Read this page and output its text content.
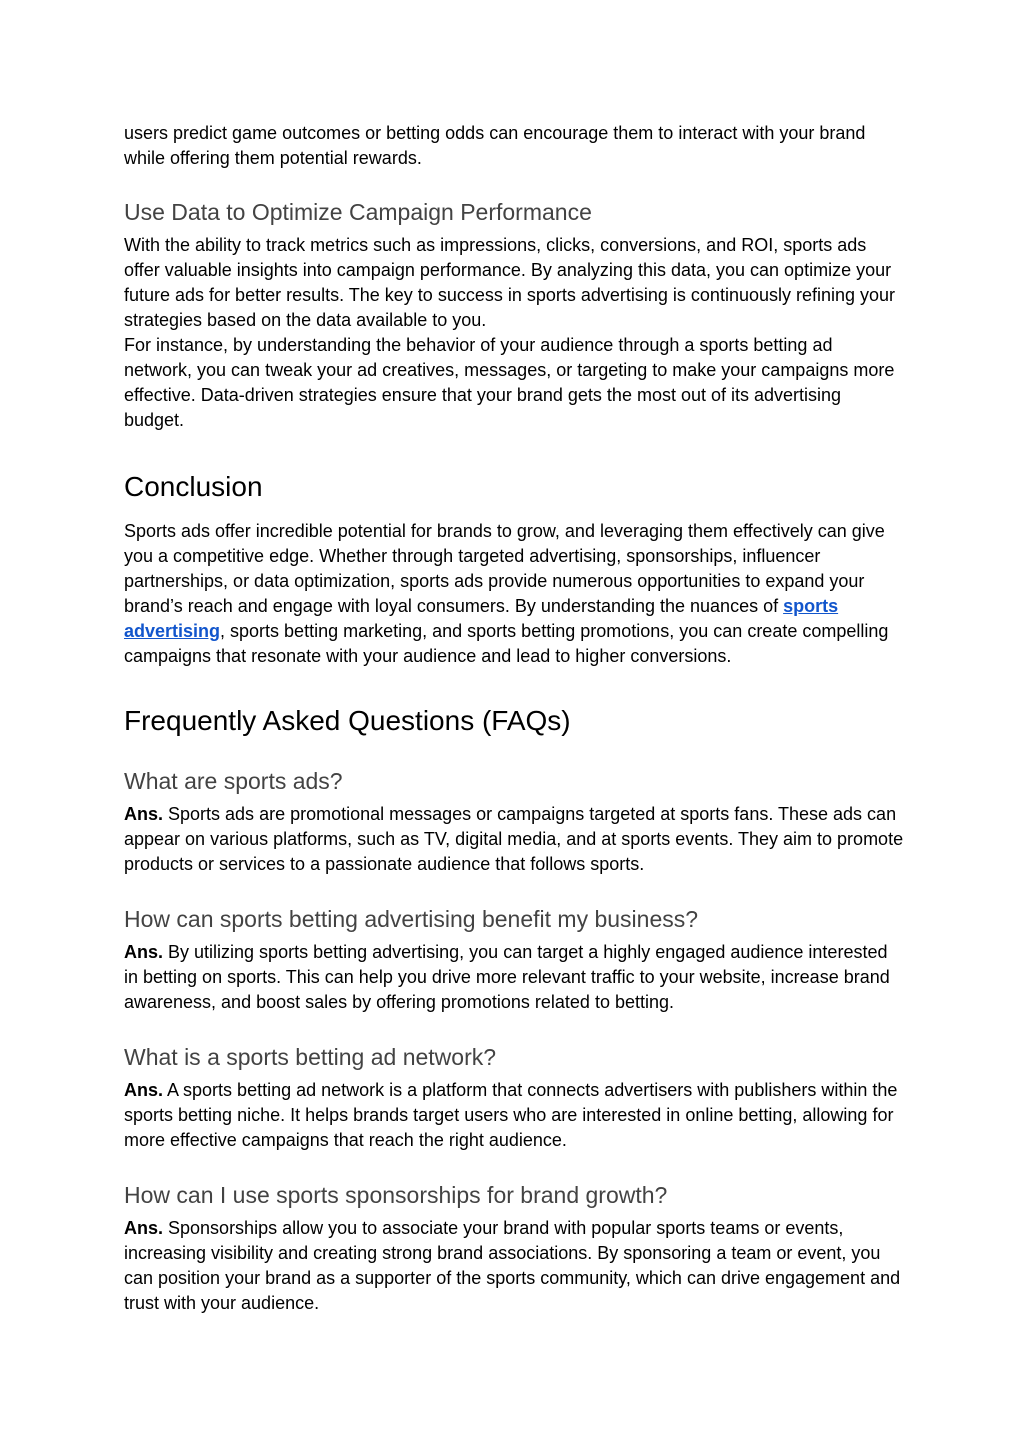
users predict game outcomes or betting odds can encourage them to interact with your brand while offering them potential rewards.

Use Data to Optimize Campaign Performance

With the ability to track metrics such as impressions, clicks, conversions, and ROI, sports ads offer valuable insights into campaign performance. By analyzing this data, you can optimize your future ads for better results. The key to success in sports advertising is continuously refining your strategies based on the data available to you.

For instance, by understanding the behavior of your audience through a sports betting ad network, you can tweak your ad creatives, messages, or targeting to make your campaigns more effective. Data-driven strategies ensure that your brand gets the most out of its advertising budget.

Conclusion

Sports ads offer incredible potential for brands to grow, and leveraging them effectively can give you a competitive edge. Whether through targeted advertising, sponsorships, influencer partnerships, or data optimization, sports ads provide numerous opportunities to expand your brand’s reach and engage with loyal consumers. By understanding the nuances of sports advertising, sports betting marketing, and sports betting promotions, you can create compelling campaigns that resonate with your audience and lead to higher conversions.

Frequently Asked Questions (FAQs)
What are sports ads?

Ans. Sports ads are promotional messages or campaigns targeted at sports fans. These ads can appear on various platforms, such as TV, digital media, and at sports events. They aim to promote products or services to a passionate audience that follows sports.

How can sports betting advertising benefit my business?

Ans. By utilizing sports betting advertising, you can target a highly engaged audience interested in betting on sports. This can help you drive more relevant traffic to your website, increase brand awareness, and boost sales by offering promotions related to betting.

What is a sports betting ad network?

Ans. A sports betting ad network is a platform that connects advertisers with publishers within the sports betting niche. It helps brands target users who are interested in online betting, allowing for more effective campaigns that reach the right audience.

How can I use sports sponsorships for brand growth?

Ans. Sponsorships allow you to associate your brand with popular sports teams or events, increasing visibility and creating strong brand associations. By sponsoring a team or event, you can position your brand as a supporter of the sports community, which can drive engagement and trust with your audience.
